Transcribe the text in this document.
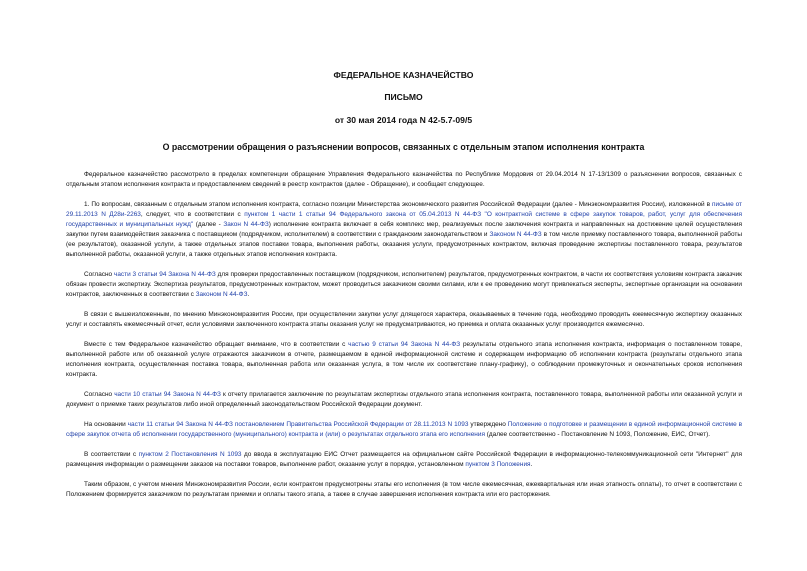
ФЕДЕРАЛЬНОЕ КАЗНАЧЕЙСТВО
ПИСЬМО
от 30 мая 2014 года N 42-5.7-09/5
О рассмотрении обращения о разъяснении вопросов, связанных с отдельным этапом исполнения контракта

Федеральное казначейство рассмотрело в пределах компетенции обращение Управления Федерального казначейства по Республике Мордовия от 29.04.2014 N 17-13/1309 о разъяснении вопросов, связанных с отдельным этапом исполнения контракта и предоставлением сведений в реестр контрактов (далее - Обращение), и сообщает следующее.

1. По вопросам, связанным с отдельным этапом исполнения контракта, согласно позиции Министерства экономического развития Российской Федерации (далее - Минэкономразвития России), изложенной в письме от 29.11.2013 N Д28и-2263, следует, что в соответствии с пунктом 1 части 1 статьи 94 Федерального закона от 05.04.2013 N 44-ФЗ "О контрактной системе в сфере закупок товаров, работ, услуг для обеспечения государственных и муниципальных нужд" (далее - Закон N 44-ФЗ) исполнение контракта включает в себя комплекс мер, реализуемых после заключения контракта и направленных на достижение целей осуществления закупки путем взаимодействия заказчика с поставщиком (подрядчиком, исполнителем) в соответствии с гражданским законодательством и Законом N 44-ФЗ в том числе приемку поставленного товара, выполненной работы (ее результатов), оказанной услуги, а также отдельных этапов поставки товара, выполнения работы, оказания услуги, предусмотренных контрактом, включая проведение экспертизы поставленного товара, результатов выполненной работы, оказанной услуги, а также отдельных этапов исполнения контракта.

Согласно части 3 статьи 94 Закона N 44-ФЗ для проверки предоставленных поставщиком (подрядчиком, исполнителем) результатов, предусмотренных контрактом, в части их соответствия условиям контракта заказчик обязан провести экспертизу. Экспертиза результатов, предусмотренных контрактом, может проводиться заказчиком своими силами, или к ее проведению могут привлекаться эксперты, экспертные организации на основании контрактов, заключенных в соответствии с Законом N 44-ФЗ.

В связи с вышеизложенным, по мнению Минэкономразвития России, при осуществлении закупки услуг длящегося характера, оказываемых в течение года, необходимо проводить ежемесячную экспертизу оказанных услуг и составлять ежемесячный отчет, если условиями заключенного контракта этапы оказания услуг не предусматриваются, но приемка и оплата оказанных услуг производится ежемесячно.

Вместе с тем Федеральное казначейство обращает внимание, что в соответствии с частью 9 статьи 94 Закона N 44-ФЗ результаты отдельного этапа исполнения контракта, информация о поставленном товаре, выполненной работе или об оказанной услуге отражаются заказчиком в отчете, размещаемом в единой информационной системе и содержащем информацию об исполнении контракта (результаты отдельного этапа исполнения контракта, осуществленная поставка товара, выполненная работа или оказанная услуга, в том числе их соответствие плану-графику), о соблюдении промежуточных и окончательных сроков исполнения контракта.

Согласно части 10 статьи 94 Закона N 44-ФЗ к отчету прилагается заключение по результатам экспертизы отдельного этапа исполнения контракта, поставленного товара, выполненной работы или оказанной услуги и документ о приемке таких результатов либо иной определенный законодательством Российской Федерации документ.

На основании части 11 статьи 94 Закона N 44-ФЗ постановлением Правительства Российской Федерации от 28.11.2013 N 1093 утверждено Положение о подготовке и размещении в единой информационной системе в сфере закупок отчета об исполнении государственного (муниципального) контракта и (или) о результатах отдельного этапа его исполнения (далее соответственно - Постановление N 1093, Положение, ЕИС, Отчет).

В соответствии с пунктом 2 Постановления N 1093 до ввода в эксплуатацию ЕИС Отчет размещается на официальном сайте Российской Федерации в информационно-телекоммуникационной сети "Интернет" для размещения информации о размещении заказов на поставки товаров, выполнение работ, оказание услуг в порядке, установленном пунктом 3 Положения.

Таким образом, с учетом мнения Минэкономразвития России, если контрактом предусмотрены этапы его исполнения (в том числе ежемесячная, ежеквартальная или иная этапность оплаты), то отчет в соответствии с Положением формируется заказчиком по результатам приемки и оплаты такого этапа, а также в случае завершения исполнения контракта или его расторжения.
